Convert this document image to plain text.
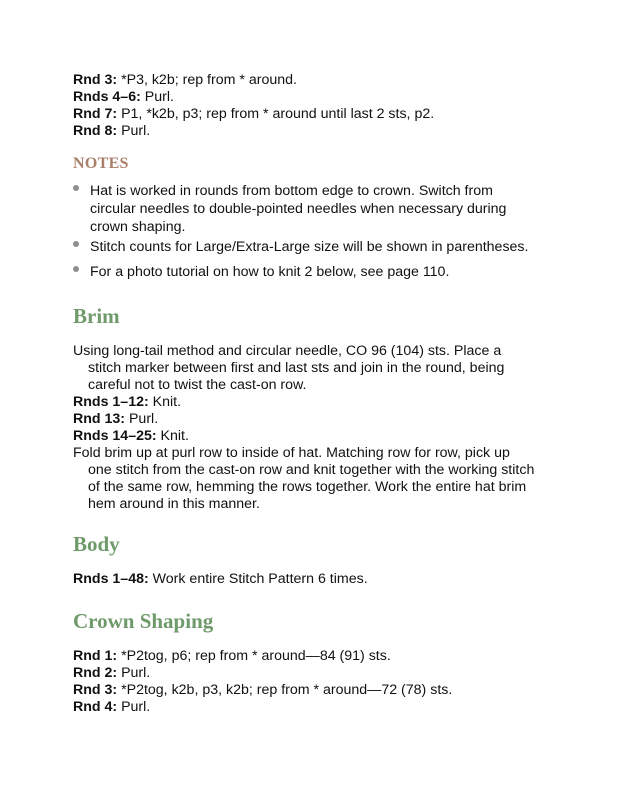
Rnd 3: *P3, k2b; rep from * around.
Rnds 4–6: Purl.
Rnd 7: P1, *k2b, p3; rep from * around until last 2 sts, p2.
Rnd 8: Purl.
NOTES
Hat is worked in rounds from bottom edge to crown. Switch from
circular needles to double-pointed needles when necessary during
crown shaping.
Stitch counts for Large/Extra-Large size will be shown in parentheses.
For a photo tutorial on how to knit 2 below, see page 110.
Brim
Using long-tail method and circular needle, CO 96 (104) sts. Place a
stitch marker between first and last sts and join in the round, being
careful not to twist the cast-on row.
Rnds 1–12: Knit.
Rnd 13: Purl.
Rnds 14–25: Knit.
Fold brim up at purl row to inside of hat. Matching row for row, pick up
one stitch from the cast-on row and knit together with the working stitch
of the same row, hemming the rows together. Work the entire hat brim
hem around in this manner.
Body
Rnds 1–48: Work entire Stitch Pattern 6 times.
Crown Shaping
Rnd 1: *P2tog, p6; rep from * around—84 (91) sts.
Rnd 2: Purl.
Rnd 3: *P2tog, k2b, p3, k2b; rep from * around—72 (78) sts.
Rnd 4: Purl.
